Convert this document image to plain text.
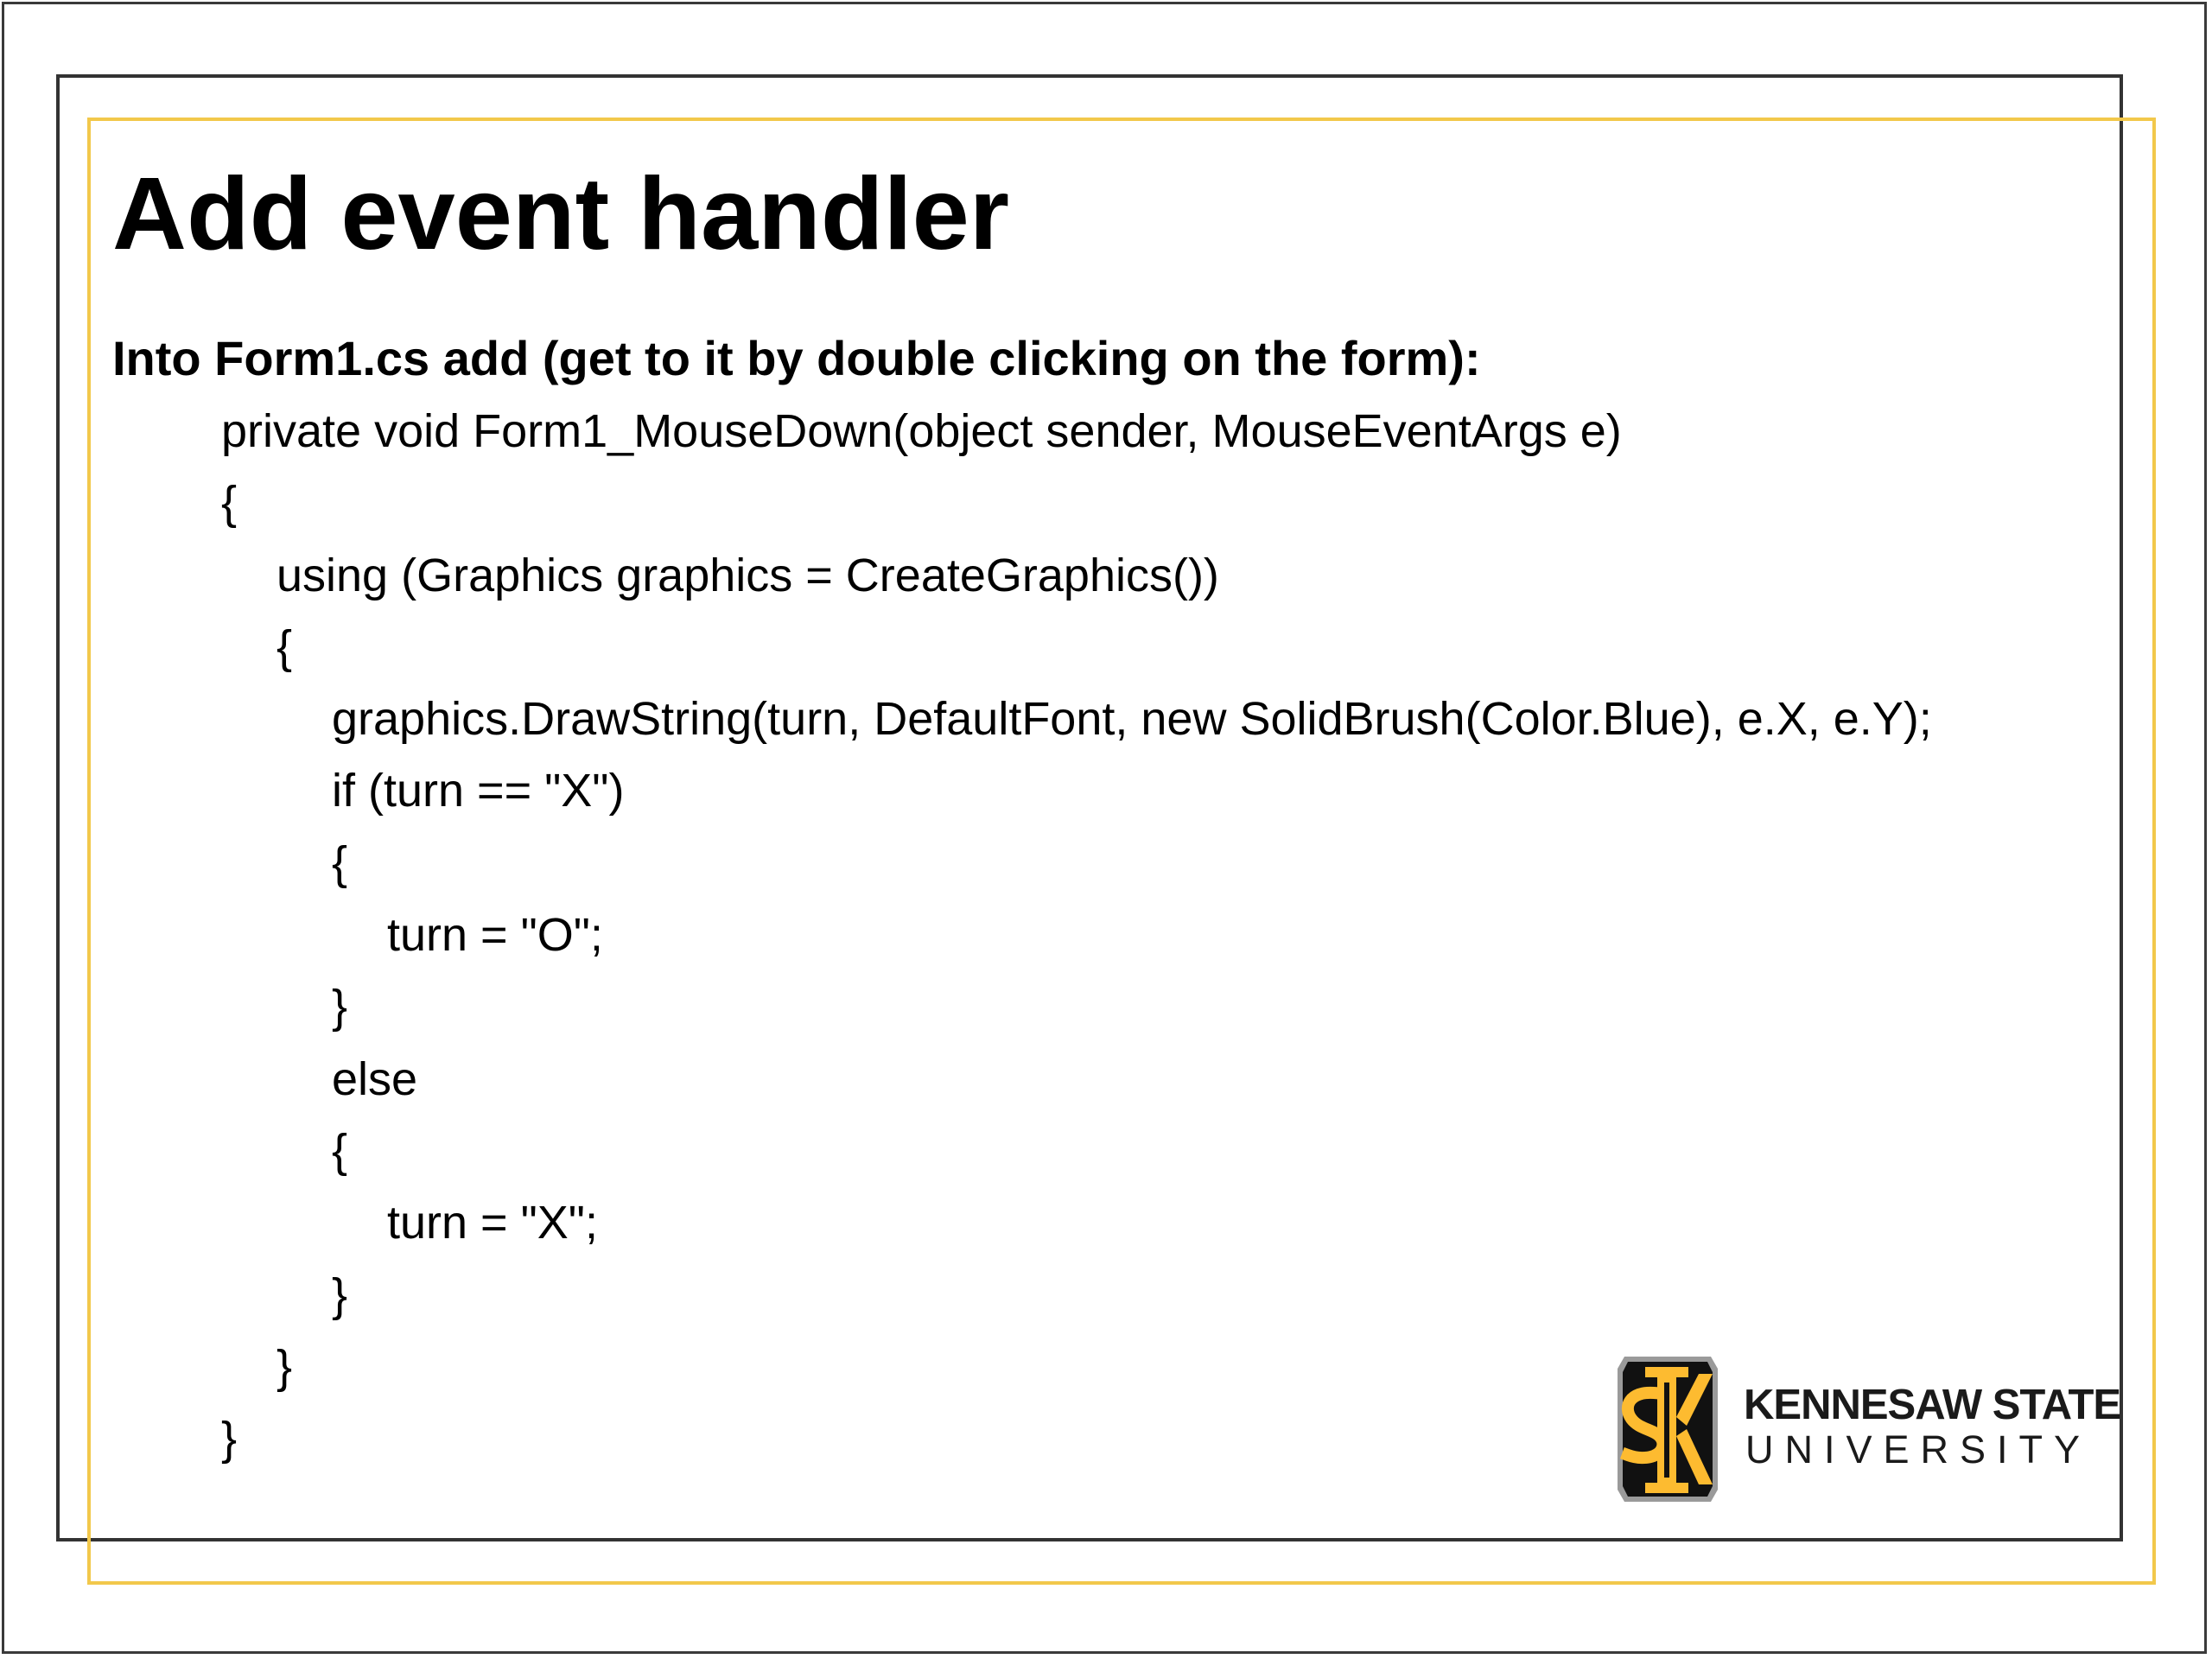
Add event handler
Into Form1.cs add (get to it by double clicking on the form):
private void Form1_MouseDown(object sender, MouseEventArgs e)
{
using (Graphics graphics = CreateGraphics())
{
graphics.DrawString(turn, DefaultFont, new SolidBrush(Color.Blue), e.X, e.Y);
if (turn == "X")
{
turn = "O";
}
else
{
turn = "X";
}
}
}
KENNESAW STATE
UNIVERSITY
